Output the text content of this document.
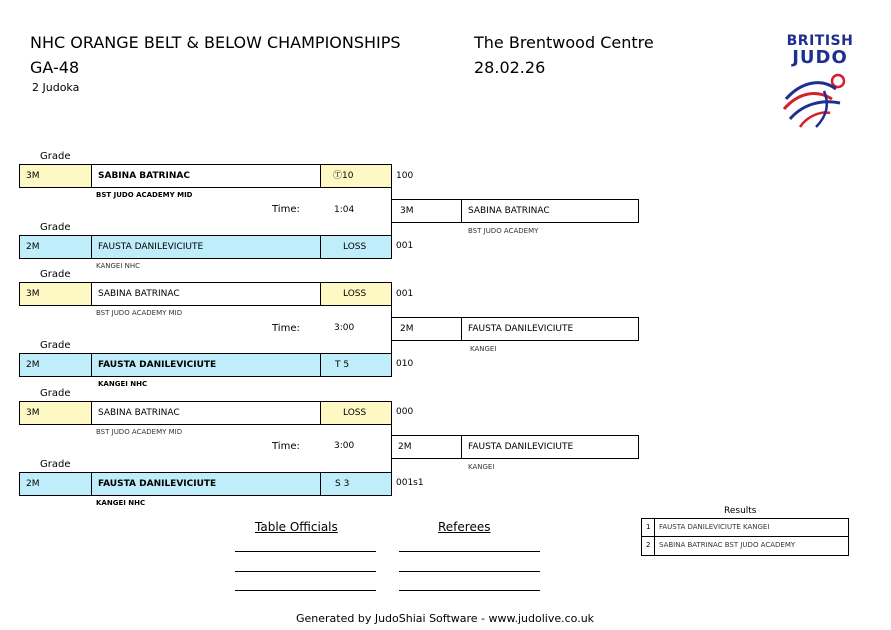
NHC ORANGE BELT & BELOW CHAMPIONSHIPS
GA-48
2 Judoka
The Brentwood Centre
28.02.26
BRITISH
JUDO
Grade
3M	SABINA BATRINAC	Ⓣ10	100
BST JUDO ACADEMY MID
Time:	1:04
Grade
2M	FAUSTA DANILEVICIUTE	LOSS	001
KANGEI NHC
3M	SABINA BATRINAC
BST JUDO ACADEMY
Grade
3M	SABINA BATRINAC	LOSS	001
BST JUDO ACADEMY MID
Time:	3:00
Grade
2M	FAUSTA DANILEVICIUTE	T 5	010
KANGEI NHC
2M	FAUSTA DANILEVICIUTE
KANGEI
Grade
3M	SABINA BATRINAC	LOSS	000
BST JUDO ACADEMY MID
Time:	3:00
Grade
2M	FAUSTA DANILEVICIUTE	S 3	001s1
KANGEI NHC
2M	FAUSTA DANILEVICIUTE
KANGEI
Results
1 FAUSTA DANILEVICIUTE KANGEI
2 SABINA BATRINAC BST JUDO ACADEMY
Table Officials	Referees
Generated by JudoShiai Software - www.judolive.co.uk
